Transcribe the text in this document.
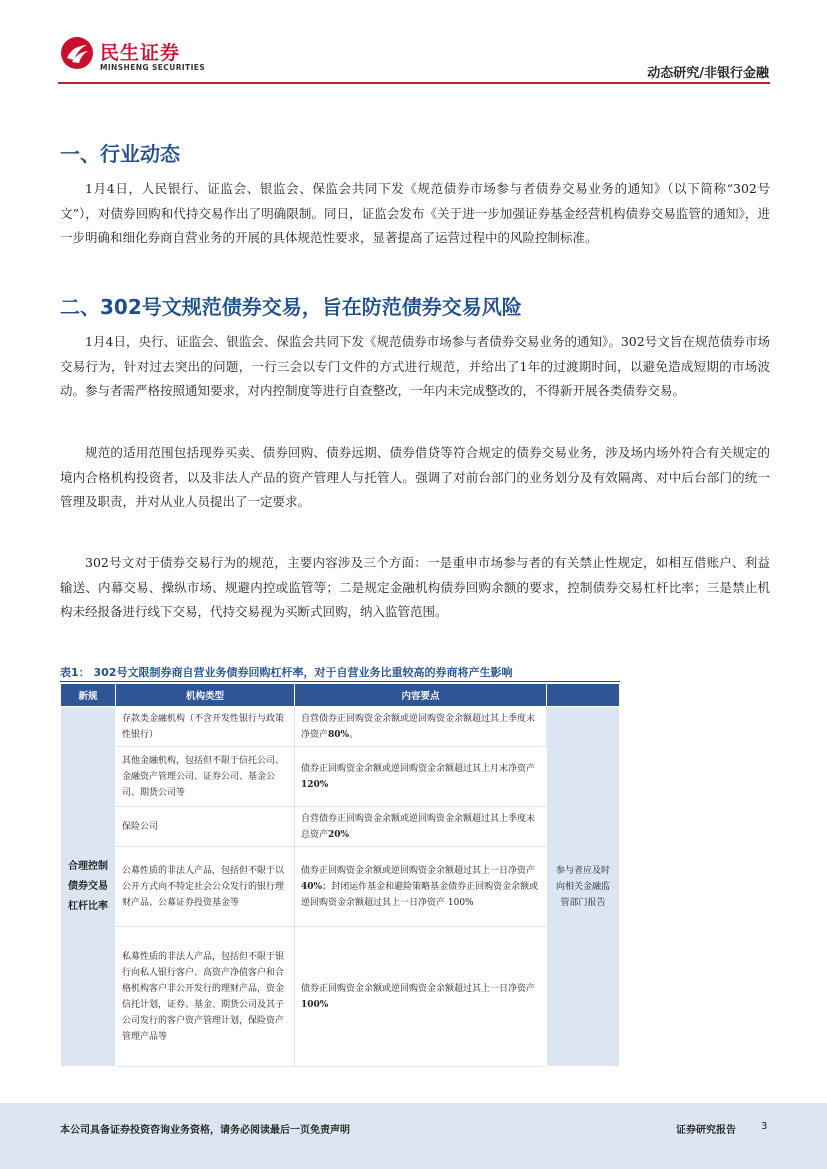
民生证券
MINSHENG SECURITIES	动态研究/非银行金融
一、行业动态

1月4日，人民银行、证监会、银监会、保监会共同下发《规范债券市场参与者债券交易业务的通知》（以下简称“302号文”），对债券回购和代持交易作出了明确限制。同日，证监会发布《关于进一步加强证券基金经营机构债券交易监管的通知》，进一步明确和细化券商自营业务的开展的具体规范性要求，显著提高了运营过程中的风险控制标准。

二、302号文规范债券交易，旨在防范债券交易风险

1月4日，央行、证监会、银监会、保监会共同下发《规范债券市场参与者债券交易业务的通知》。302号文旨在规范债券市场交易行为，针对过去突出的问题，一行三会以专门文件的方式进行规范，并给出了1年的过渡期时间，以避免造成短期的市场波动。参与者需严格按照通知要求，对内控制度等进行自查整改，一年内未完成整改的，不得新开展各类债券交易。

规范的适用范围包括现券买卖、债券回购、债券远期、债券借贷等符合规定的债券交易业务，涉及场内场外符合有关规定的境内合格机构投资者，以及非法人产品的资产管理人与托管人。强调了对前台部门的业务划分及有效隔离、对中后台部门的统一管理及职责，并对从业人员提出了一定要求。

302号文对于债券交易行为的规范，主要内容涉及三个方面：一是重申市场参与者的有关禁止性规定，如相互借账户、利益输送、内幕交易、操纵市场、规避内控或监管等；二是规定金融机构债券回购余额的要求，控制债券交易杠杆比率；三是禁止机构未经报备进行线下交易，代持交易视为买断式回购，纳入监管范围。

表1： 302号文限制券商自营业务债券回购杠杆率，对于自营业务比重较高的券商将产生影响
新规	机构类型	内容要点	
合理控制债券交易杠杆比率	存款类金融机构（不含开发性银行与政策性银行）	自营债券正回购资金余额或逆回购资金余额超过其上季度末净资产80%。	参与者应及时向相关金融监管部门报告
	其他金融机构，包括但不限于信托公司、金融资产管理公司、证券公司、基金公司、期货公司等	债券正回购资金余额或逆回购资金余额超过其上月末净资产120%	
	保险公司	自营债券正回购资金余额或逆回购资金余额超过其上季度末总资产20%	
	公募性质的非法人产品，包括但不限于以公开方式向不特定社会公众发行的银行理财产品、公募证券投资基金等	债券正回购资金余额或逆回购资金余额超过其上一日净资产40%；封闭运作基金和避险策略基金债券正回购资金余额或逆回购资金余额超过其上一日净资产 100%	
	私募性质的非法人产品，包括但不限于银行向私人银行客户、高资产净值客户和合格机构客户非公开发行的理财产品，资金信托计划，证券、基金、期货公司及其子公司发行的客户资产管理计划，保险资产管理产品等	债券正回购资金余额或逆回购资金余额超过其上一日净资产100%	
本公司具备证券投资咨询业务资格，请务必阅读最后一页免责声明	证券研究报告	3
